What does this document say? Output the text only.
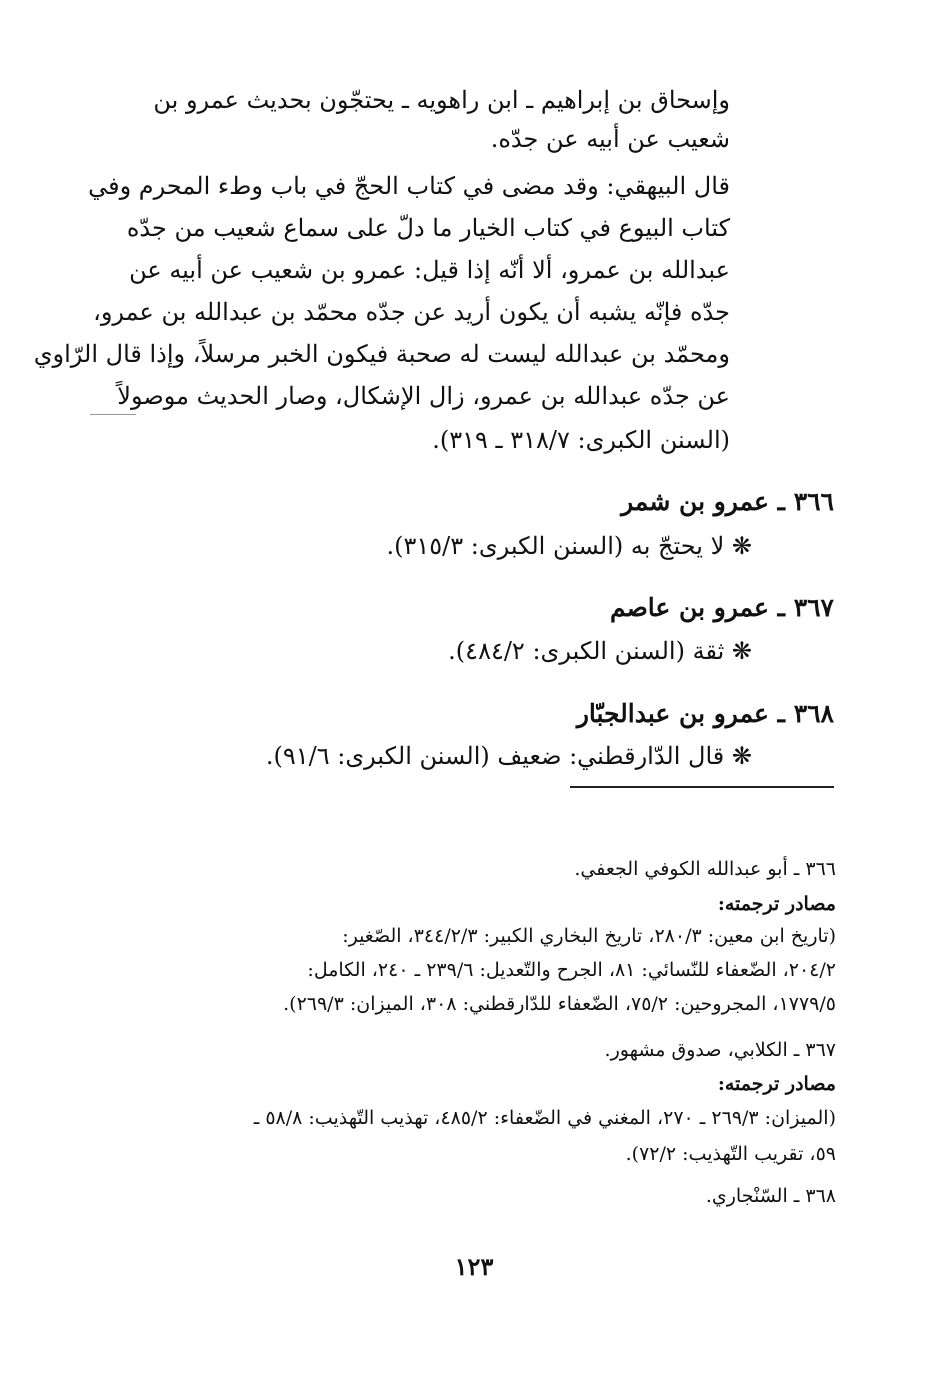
وإسحاق بن إبراهيم ـ ابن راهويه ـ يحتجّون بحديث عمرو بن
شعيب عن أبيه عن جدّه.
قال البيهقي: وقد مضى في كتاب الحجّ في باب وطء المحرم وفي
كتاب البيوع في كتاب الخيار ما دلّ على سماع شعيب من جدّه
عبدالله بن عمرو، ألا أنّه إذا قيل: عمرو بن شعيب عن أبيه عن
جدّه فإنّه يشبه أن يكون أريد عن جدّه محمّد بن عبدالله بن عمرو،
ومحمّد بن عبدالله ليست له صحبة فيكون الخبر مرسلاً، وإذا قال الرّاوي
عن جدّه عبدالله بن عمرو، زال الإشكال، وصار الحديث موصولاً
(السنن الكبرى: ٣١٨/٧ ـ ٣١٩).
٣٦٦ ـ عمرو بن شمر
❋ لا يحتجّ به (السنن الكبرى: ٣١٥/٣).
٣٦٧ ـ عمرو بن عاصم
❋ ثقة (السنن الكبرى: ٤٨٤/٢).
٣٦٨ ـ عمرو بن عبدالجبّار
❋ قال الدّارقطني: ضعيف (السنن الكبرى: ٩١/٦).
٣٦٦ ـ أبو عبدالله الكوفي الجعفي.
مصادر ترجمته:
(تاريخ ابن معين: ٢٨٠/٣، تاريخ البخاري الكبير: ٣٤٤/٢/٣، الصّغير:
٢٠٤/٢، الضّعفاء للنّسائي: ٨١، الجرح والتّعديل: ٢٣٩/٦ ـ ٢٤٠، الكامل:
١٧٧٩/٥، المجروحين: ٧٥/٢، الضّعفاء للدّارقطني: ٣٠٨، الميزان: ٢٦٩/٣).
٣٦٧ ـ الكلابي، صدوق مشهور.
مصادر ترجمته:
(الميزان: ٢٦٩/٣ ـ ٢٧٠، المغني في الضّعفاء: ٤٨٥/٢، تهذيب التّهذيب: ٥٨/٨ ـ
٥٩، تقريب التّهذيب: ٧٢/٢).
٣٦٨ ـ السّنْجاري.
١٢٣
